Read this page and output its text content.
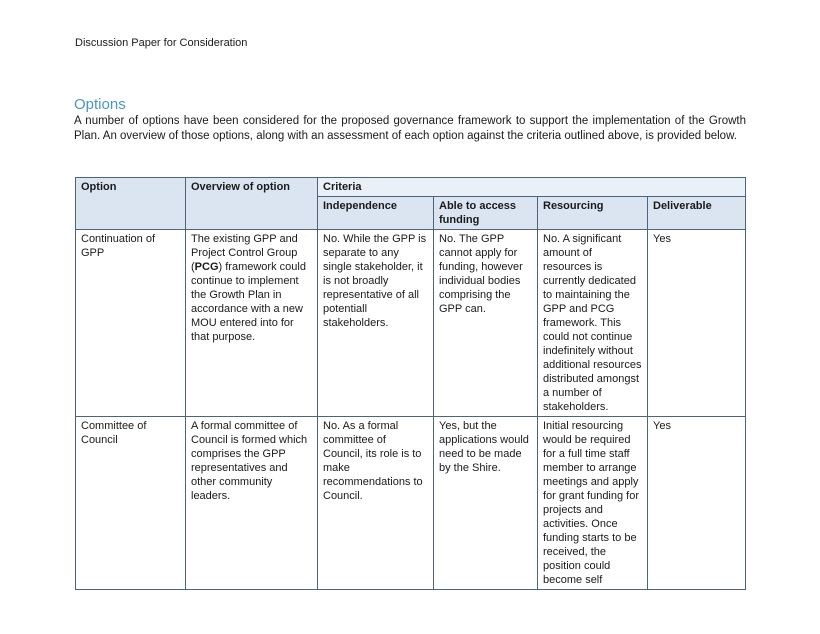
Discussion Paper for Consideration
Options

A number of options have been considered for the proposed governance framework to support the implementation of the Growth Plan. An overview of those options, along with an assessment of each option against the criteria outlined above, is provided below.

Option	Overview of option	Criteria			
		Independence	Able to access funding	Resourcing	Deliverable
Continuation of GPP	The existing GPP and Project Control Group (PCG) framework could continue to implement the Growth Plan in accordance with a new MOU entered into for that purpose.	No. While the GPP is separate to any single stakeholder, it is not broadly representative of all potentiall stakeholders.	No. The GPP cannot apply for funding, however individual bodies comprising the GPP can.	No. A significant amount of resources is currently dedicated to maintaining the GPP and PCG framework. This could not continue indefinitely without additional resources distributed amongst a number of stakeholders.	Yes
Committee of Council	A formal committee of Council is formed which comprises the GPP representatives and other community leaders.	No. As a formal committee of Council, its role is to make recommendations to Council.	Yes, but the applications would need to be made by the Shire.	Initial resourcing would be required for a full time staff member to arrange meetings and apply for grant funding for projects and activities. Once funding starts to be received, the position could become self	Yes
